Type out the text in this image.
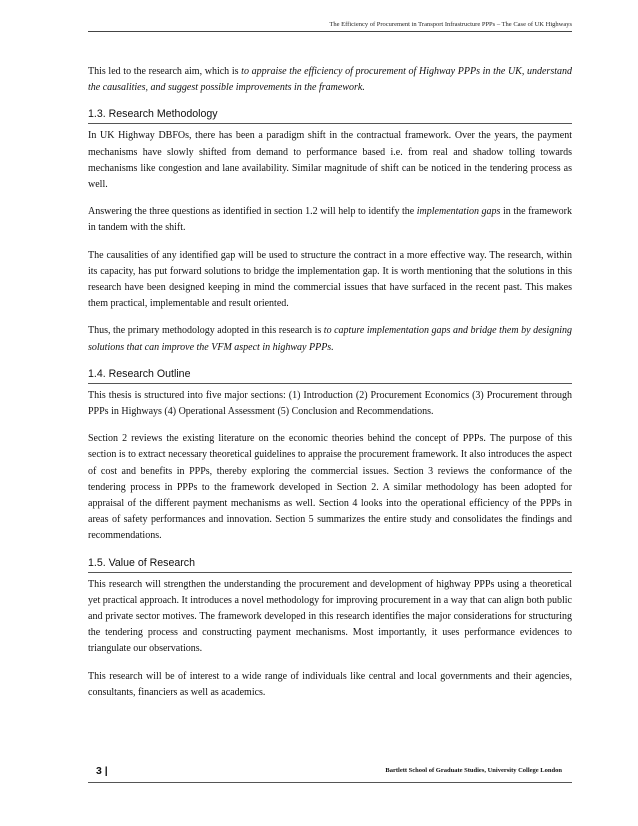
The Efficiency of Procurement in Transport Infrastructure PPPs – The Case of UK Highways

This led to the research aim, which is to appraise the efficiency of procurement of Highway PPPs in the UK, understand the causalities, and suggest possible improvements in the framework.

1.3. Research Methodology

In UK Highway DBFOs, there has been a paradigm shift in the contractual framework. Over the years, the payment mechanisms have slowly shifted from demand to performance based i.e. from real and shadow tolling towards mechanisms like congestion and lane availability. Similar magnitude of shift can be noticed in the tendering process as well.

Answering the three questions as identified in section 1.2 will help to identify the implementation gaps in the framework in tandem with the shift.

The causalities of any identified gap will be used to structure the contract in a more effective way. The research, within its capacity, has put forward solutions to bridge the implementation gap. It is worth mentioning that the solutions in this research have been designed keeping in mind the commercial issues that have surfaced in the recent past. This makes them practical, implementable and result oriented.

Thus, the primary methodology adopted in this research is to capture implementation gaps and bridge them by designing solutions that can improve the VFM aspect in highway PPPs.

1.4. Research Outline

This thesis is structured into five major sections: (1) Introduction (2) Procurement Economics (3) Procurement through PPPs in Highways (4) Operational Assessment (5) Conclusion and Recommendations.

Section 2 reviews the existing literature on the economic theories behind the concept of PPPs. The purpose of this section is to extract necessary theoretical guidelines to appraise the procurement framework. It also introduces the aspect of cost and benefits in PPPs, thereby exploring the commercial issues. Section 3 reviews the conformance of the tendering process in PPPs to the framework developed in Section 2. A similar methodology has been adopted for appraisal of the different payment mechanisms as well. Section 4 looks into the operational efficiency of the PPPs in areas of safety performances and innovation. Section 5 summarizes the entire study and consolidates the findings and recommendations.

1.5. Value of Research

This research will strengthen the understanding the procurement and development of highway PPPs using a theoretical yet practical approach. It introduces a novel methodology for improving procurement in a way that can align both public and private sector motives. The framework developed in this research identifies the major considerations for structuring the tendering process and constructing payment mechanisms. Most importantly, it uses performance evidences to triangulate our observations.

This research will be of interest to a wide range of individuals like central and local governments and their agencies, consultants, financiers as well as academics.

3 |	Bartlett School of Graduate Studies, University College London
